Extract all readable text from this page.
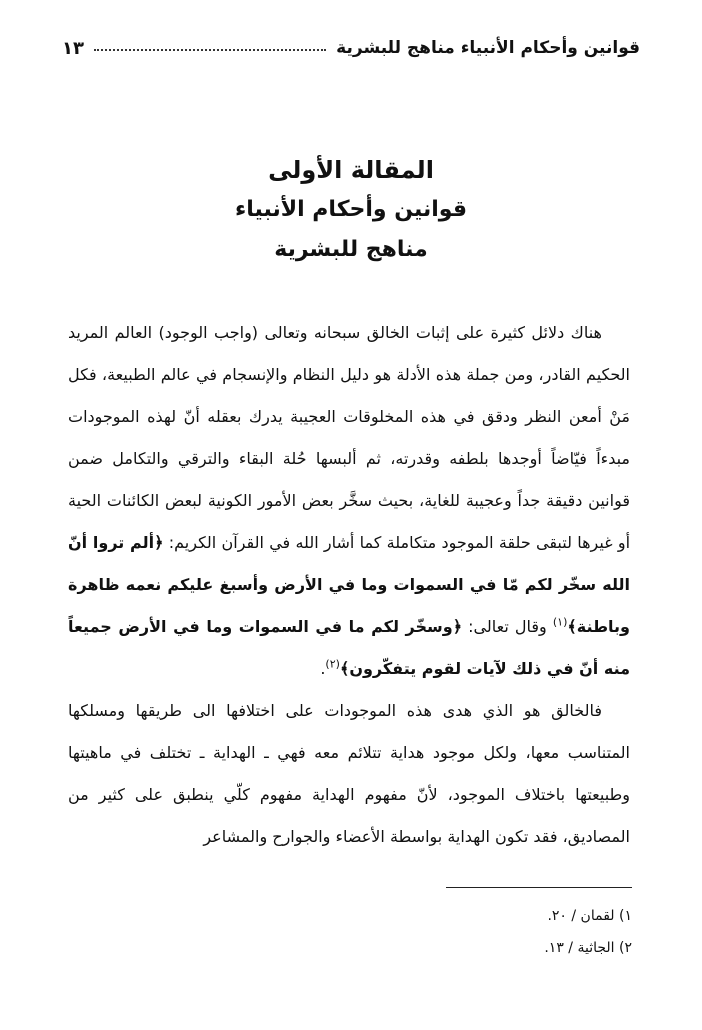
قوانين وأحكام الأنبياء مناهج للبشرية
١٣
المقالة الأولى
قوانين وأحكام الأنبياء
مناهج للبشرية

هناك دلائل كثيرة على إثبات الخالق سبحانه وتعالى (واجب الوجود) العالم المريد الحكيم القادر، ومن جملة هذه الأدلة هو دليل النظام والإنسجام في عالم الطبيعة، فكل مَنْ أمعن النظر ودقق في هذه المخلوقات العجيبة يدرك بعقله أنّ لهذه الموجودات مبدءاً فيّاضاً أوجدها بلطفه وقدرته، ثم ألبسها حُلة البقاء والترقي والتكامل ضمن قوانين دقيقة جداً وعجيبة للغاية، بحيث سخَّر بعض الأمور الكونية لبعض الكائنات الحية أو غيرها لتبقى حلقة الموجود متكاملة كما أشار الله في القرآن الكريم: ﴿ألم تروا أنّ الله سخّر لكم مّا في السموات وما في الأرض وأسبغ عليكم نعمه ظاهرة وباطنة﴾$^{(١)}$ وقال تعالى: ﴿وسخّر لكم ما في السموات وما في الأرض جميعاً منه أنّ في ذلك لآيات لقوم يتفكّرون﴾$^{(٢)}$.

فالخالق هو الذي هدى هذه الموجودات على اختلافها الى طريقها ومسلكها المتناسب معها، ولكل موجود هداية تتلائم معه فهي ـ الهداية ـ تختلف في ماهيتها وطبيعتها باختلاف الموجود، لأنّ مفهوم الهداية مفهوم كلّي ينطبق على كثير من المصاديق، فقد تكون الهداية بواسطة الأعضاء والجوارح والمشاعر

١) لقمان / ٢٠.
٢) الجاثية / ١٣.
